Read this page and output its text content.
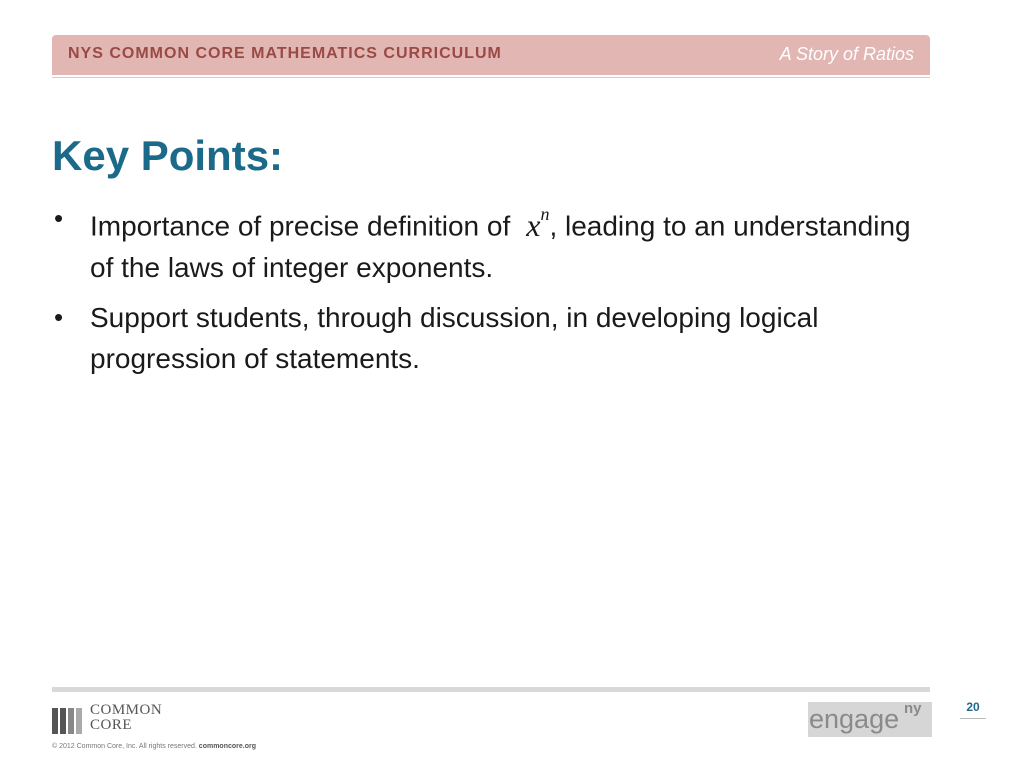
NYS COMMON CORE MATHEMATICS CURRICULUM	A Story of Ratios
Key Points:
• Importance of precise definition of $x^n$, leading to an understanding of the laws of integer exponents.
• Support students, through discussion, in developing logical progression of statements.
COMMON
CORE
© 2012 Common Core, Inc. All rights reserved. commoncore.org
engage ny	20
